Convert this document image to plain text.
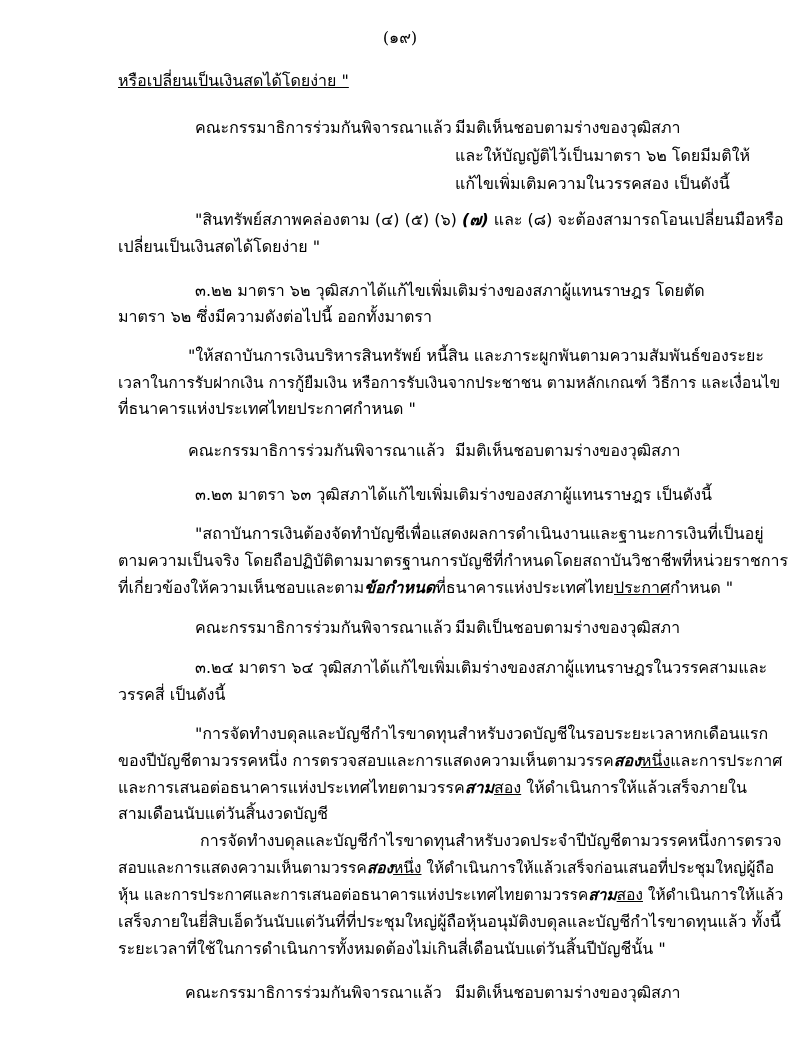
(๑๙)
หรือเปลี่ยนเป็นเงินสดได้โดยง่าย "
คณะกรรมาธิการร่วมกันพิจารณาแล้ว มีมติเห็นชอบตามร่างของวุฒิสภา
และให้บัญญัติไว้เป็นมาตรา ๖๒ โดยมีมติให้
แก้ไขเพิ่มเติมความในวรรคสอง เป็นดังนี้
"สินทรัพย์สภาพคล่องตาม (๔) (๕) (๖) (๗) และ (๘) จะต้องสามารถโอนเปลี่ยนมือหรือ
เปลี่ยนเป็นเงินสดได้โดยง่าย "
๓.๒๒ มาตรา ๖๒ วุฒิสภาได้แก้ไขเพิ่มเติมร่างของสภาผู้แทนราษฎร โดยตัด
มาตรา ๖๒ ซึ่งมีความดังต่อไปนี้ ออกทั้งมาตรา
"ให้สถาบันการเงินบริหารสินทรัพย์ หนี้สิน และภาระผูกพันตามความสัมพันธ์ของระยะ
เวลาในการรับฝากเงิน การกู้ยืมเงิน หรือการรับเงินจากประชาชน ตามหลักเกณฑ์ วิธีการ และเงื่อนไข
ที่ธนาคารแห่งประเทศไทยประกาศกำหนด "
คณะกรรมาธิการร่วมกันพิจารณาแล้ว มีมติเห็นชอบตามร่างของวุฒิสภา
๓.๒๓ มาตรา ๖๓ วุฒิสภาได้แก้ไขเพิ่มเติมร่างของสภาผู้แทนราษฎร เป็นดังนี้
"สถาบันการเงินต้องจัดทำบัญชีเพื่อแสดงผลการดำเนินงานและฐานะการเงินที่เป็นอยู่
ตามความเป็นจริง โดยถือปฏิบัติตามมาตรฐานการบัญชีที่กำหนดโดยสถาบันวิชาชีพที่หน่วยราชการ
ที่เกี่ยวข้องให้ความเห็นชอบและตามข้อกำหนดที่ธนาคารแห่งประเทศไทยประกาศกำหนด "
คณะกรรมาธิการร่วมกันพิจารณาแล้ว มีมติเป็นชอบตามร่างของวุฒิสภา
๓.๒๔ มาตรา ๖๔ วุฒิสภาได้แก้ไขเพิ่มเติมร่างของสภาผู้แทนราษฎรในวรรคสามและ
วรรคสี่ เป็นดังนี้
"การจัดทำงบดุลและบัญชีกำไรขาดทุนสำหรับงวดบัญชีในรอบระยะเวลาหกเดือนแรก
ของปีบัญชีตามวรรคหนึ่ง การตรวจสอบและการแสดงความเห็นตามวรรคสองหนึ่งและการประกาศ
และการเสนอต่อธนาคารแห่งประเทศไทยตามวรรคสามสอง ให้ดำเนินการให้แล้วเสร็จภายใน
สามเดือนนับแต่วันสิ้นงวดบัญชี
การจัดทำงบดุลและบัญชีกำไรขาดทุนสำหรับงวดประจำปีบัญชีตามวรรคหนึ่งการตรวจ
สอบและการแสดงความเห็นตามวรรคสองหนึ่ง ให้ดำเนินการให้แล้วเสร็จก่อนเสนอที่ประชุมใหญ่ผู้ถือ
หุ้น และการประกาศและการเสนอต่อธนาคารแห่งประเทศไทยตามวรรคสามสอง ให้ดำเนินการให้แล้ว
เสร็จภายในยี่สิบเอ็ดวันนับแต่วันที่ที่ประชุมใหญ่ผู้ถือหุ้นอนุมัติงบดุลและบัญชีกำไรขาดทุนแล้ว ทั้งนี้
ระยะเวลาที่ใช้ในการดำเนินการทั้งหมดต้องไม่เกินสี่เดือนนับแต่วันสิ้นปีบัญชีนั้น "
คณะกรรมาธิการร่วมกันพิจารณาแล้ว มีมติเห็นชอบตามร่างของวุฒิสภา
